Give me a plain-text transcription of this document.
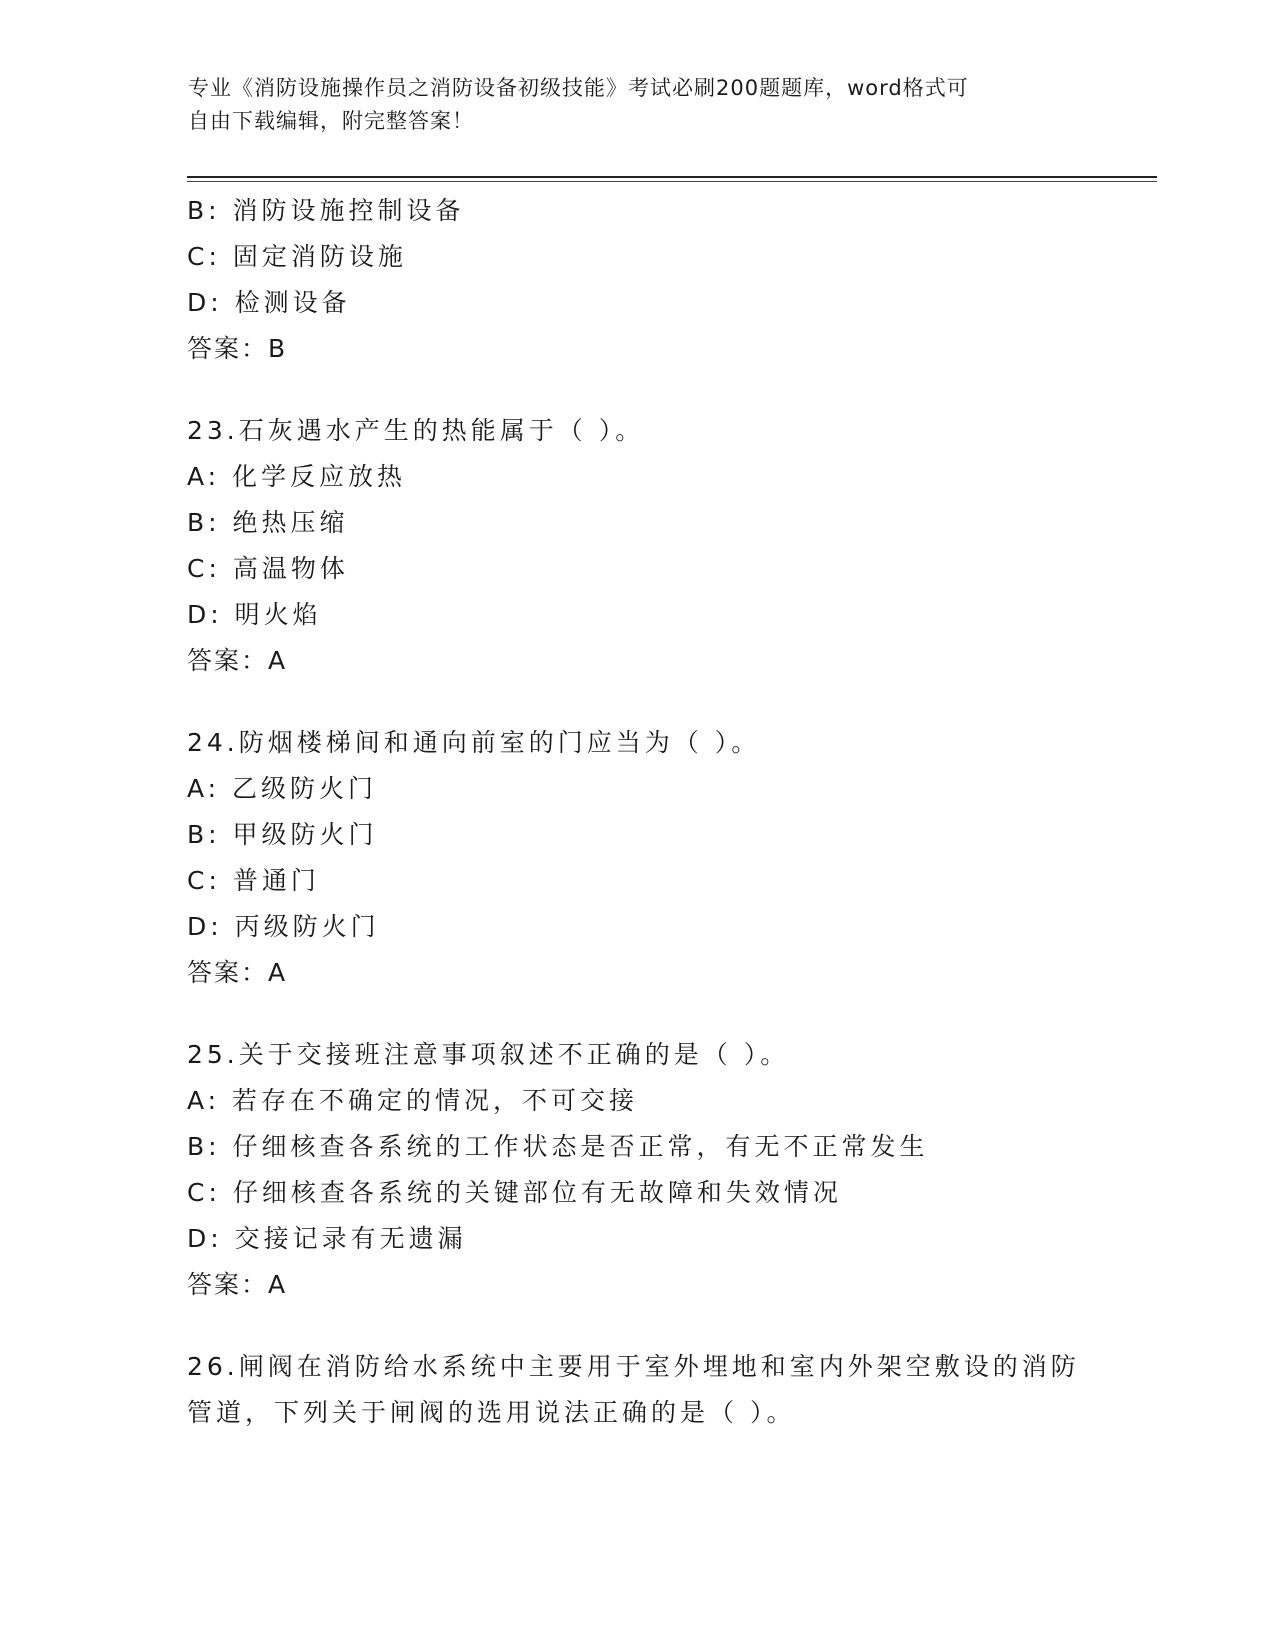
专业《消防设施操作员之消防设备初级技能》考试必刷200题题库，word格式可
自由下载编辑，附完整答案！
B: 消防设施控制设备
C: 固定消防设施
D: 检测设备
答案：B
23.石灰遇水产生的热能属于（ ）。
A: 化学反应放热
B: 绝热压缩
C: 高温物体
D: 明火焰
答案：A
24.防烟楼梯间和通向前室的门应当为（ ）。
A: 乙级防火门
B: 甲级防火门
C: 普通门
D: 丙级防火门
答案：A
25.关于交接班注意事项叙述不正确的是（ ）。
A: 若存在不确定的情况，不可交接
B: 仔细核查各系统的工作状态是否正常，有无不正常发生
C: 仔细核查各系统的关键部位有无故障和失效情况
D: 交接记录有无遗漏
答案：A
26.闸阀在消防给水系统中主要用于室外埋地和室内外架空敷设的消防
管道，下列关于闸阀的选用说法正确的是（ ）。
